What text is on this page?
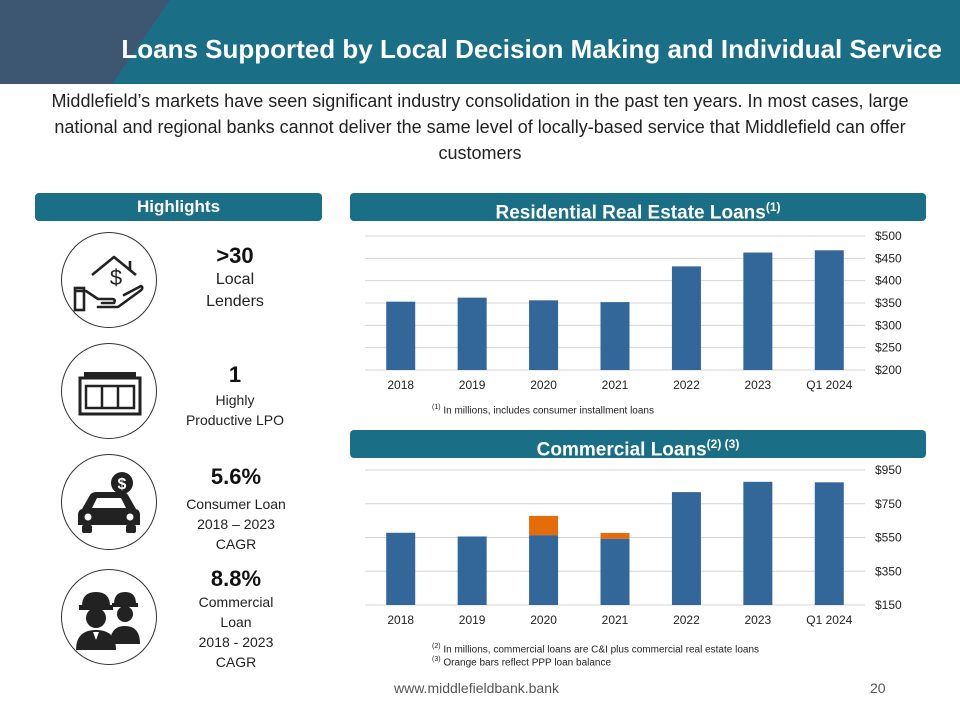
Loans Supported by Local Decision Making and Individual Service
Middlefield’s markets have seen significant industry consolidation in the past ten years. In most cases, large national and regional banks cannot deliver the same level of locally-based service that Middlefield can offer customers
Highlights
$
>30
Local
Lenders
1
Highly
Productive LPO
$	5.6%
Consumer Loan
2018 – 2023
CAGR
8.8%
Commercial
Loan
2018 - 2023
CAGR
Residential Real Estate Loans$^{(1)}$
$200
$250
$300
$350
$400
$450
$500
2018	2019	2020	2021	2022	2023	Q1 2024
$^{(1)}$ In millions, includes consumer installment loans
Commercial Loans$^{(2) (3)}$
$150
$350
$550
$750
$950
2018	2019	2020	2021	2022	2023	Q1 2024
$^{(2)}$ In millions, commercial loans are C&I plus commercial real estate loans
$^{(3)}$ Orange bars reflect PPP loan balance
www.middlefieldbank.bank	20
